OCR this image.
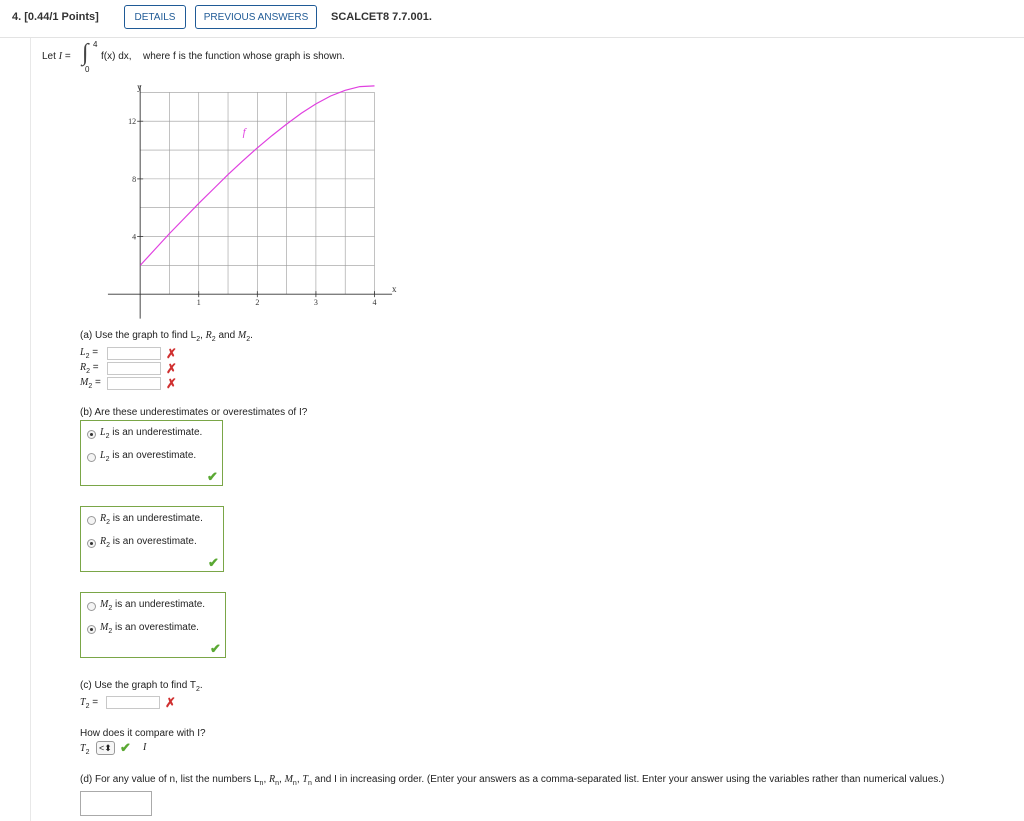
4. [0.44/1 Points]	DETAILS	PREVIOUS ANSWERS	SCALCET8 7.7.001.
Let I = ∫ 4
0
f(x) dx, where f is the function whose graph is shown.
1	2	3	4
4
8
12
f
x
y
(a) Use the graph to find $L_2$, $R_2$ and $M_2$.
$L_2$ =	✗
$R_2$ =	✗
$M_2$ =	✗
(b) Are these underestimates or overestimates of I?
$L_2$ is an underestimate.
$L_2$ is an overestimate.
✔
$R_2$ is an underestimate.
$R_2$ is an overestimate.
✔
$M_2$ is an underestimate.
$M_2$ is an overestimate.
✔
(c) Use the graph to find $T_2$.
$T_2$ =	✗
How does it compare with I?
$T_2$	<⬍ ✔ I
(d) For any value of n, list the numbers $L_n$, $R_n$, $M_n$, $T_n$ and I in increasing order. (Enter your answers as a comma-separated list. Enter your answer using the variables rather than numerical values.)
